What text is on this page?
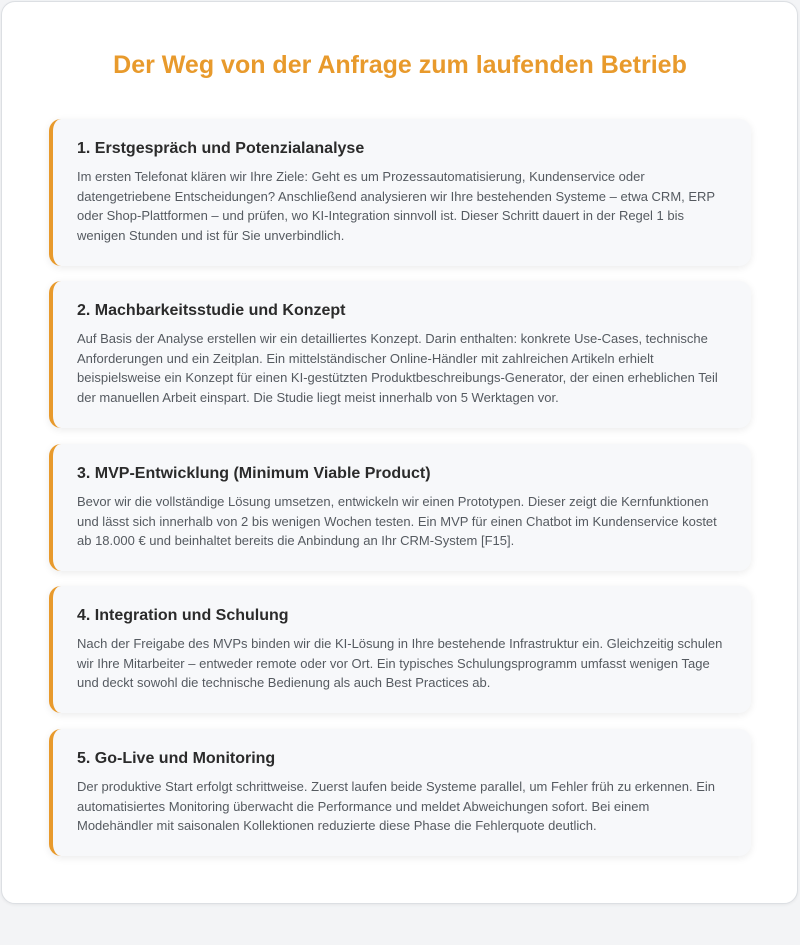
Der Weg von der Anfrage zum laufenden Betrieb
1. Erstgespräch und Potenzialanalyse

Im ersten Telefonat klären wir Ihre Ziele: Geht es um Prozessautomatisierung, Kundenservice oder datengetriebene Entscheidungen? Anschließend analysieren wir Ihre bestehenden Systeme – etwa CRM, ERP oder Shop-Plattformen – und prüfen, wo KI-Integration sinnvoll ist. Dieser Schritt dauert in der Regel 1 bis wenigen Stunden und ist für Sie unverbindlich.

2. Machbarkeitsstudie und Konzept

Auf Basis der Analyse erstellen wir ein detailliertes Konzept. Darin enthalten: konkrete Use-Cases, technische Anforderungen und ein Zeitplan. Ein mittelständischer Online-Händler mit zahlreichen Artikeln erhielt beispielsweise ein Konzept für einen KI-gestützten Produktbeschreibungs-Generator, der einen erheblichen Teil der manuellen Arbeit einspart. Die Studie liegt meist innerhalb von 5 Werktagen vor.

3. MVP-Entwicklung (Minimum Viable Product)

Bevor wir die vollständige Lösung umsetzen, entwickeln wir einen Prototypen. Dieser zeigt die Kernfunktionen und lässt sich innerhalb von 2 bis wenigen Wochen testen. Ein MVP für einen Chatbot im Kundenservice kostet ab 18.000 € und beinhaltet bereits die Anbindung an Ihr CRM-System [F15].

4. Integration und Schulung

Nach der Freigabe des MVPs binden wir die KI-Lösung in Ihre bestehende Infrastruktur ein. Gleichzeitig schulen wir Ihre Mitarbeiter – entweder remote oder vor Ort. Ein typisches Schulungsprogramm umfasst wenigen Tage und deckt sowohl die technische Bedienung als auch Best Practices ab.

5. Go-Live und Monitoring

Der produktive Start erfolgt schrittweise. Zuerst laufen beide Systeme parallel, um Fehler früh zu erkennen. Ein automatisiertes Monitoring überwacht die Performance und meldet Abweichungen sofort. Bei einem Modehändler mit saisonalen Kollektionen reduzierte diese Phase die Fehlerquote deutlich.
